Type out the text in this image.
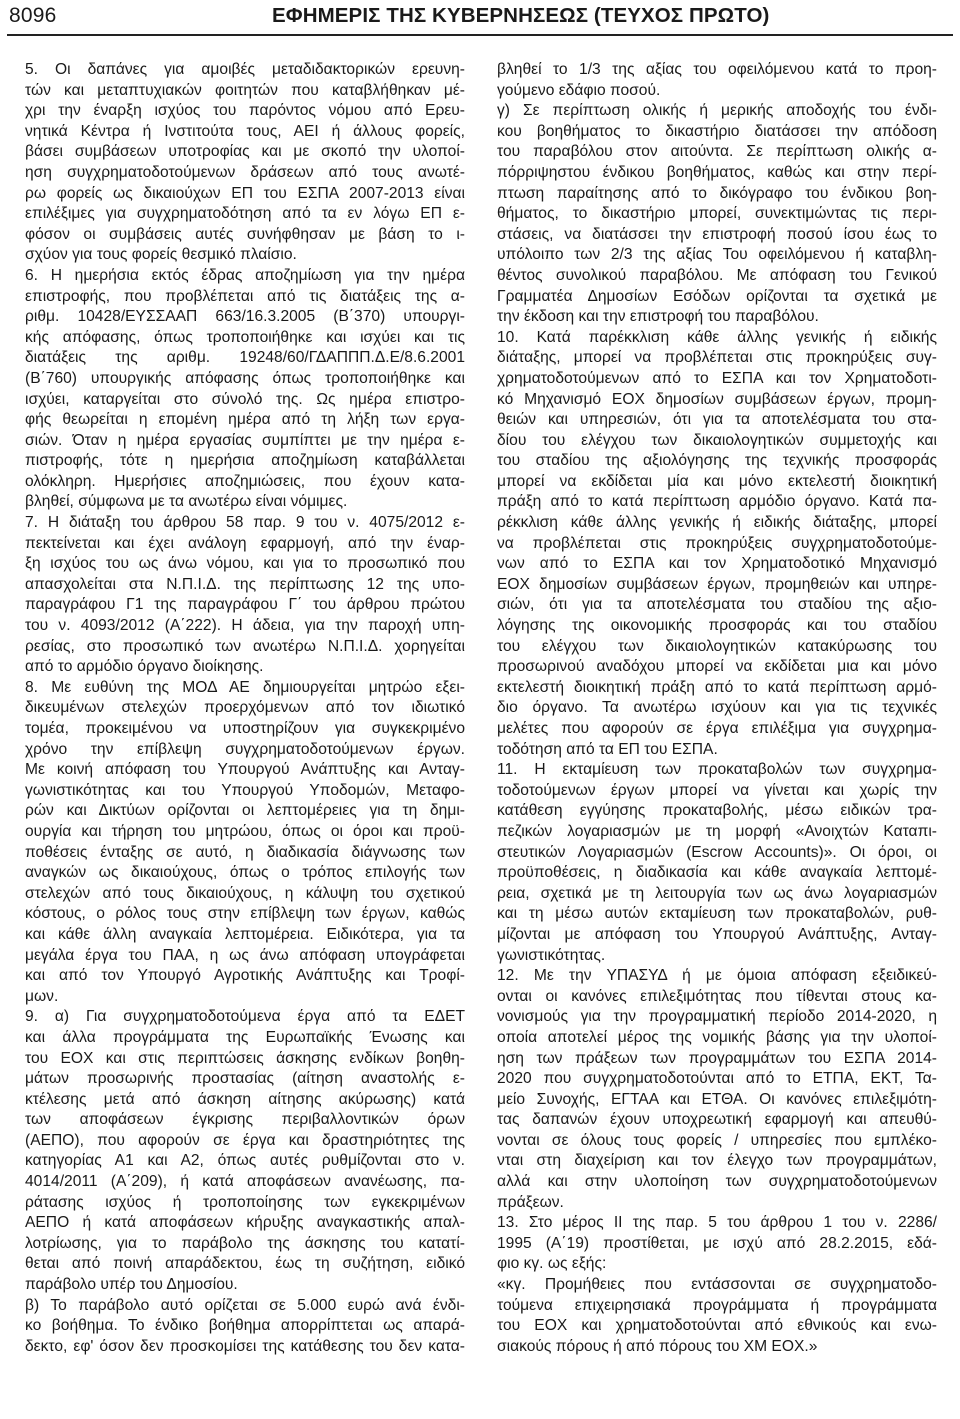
8096	ΕΦΗΜΕΡΙΣ ΤΗΣ ΚΥΒΕΡΝΗΣΕΩΣ (ΤΕΥΧΟΣ ΠΡΩΤΟ)
5. Οι δαπάνες για αμοιβές μεταδιδακτορικών ερευνη-
τών και μεταπτυχιακών φοιτητών που καταβλήθηκαν μέ-
χρι την έναρξη ισχύος του παρόντος νόμου από Ερευ-
νητικά Κέντρα ή Ινστιτούτα τους, ΑΕΙ ή άλλους φορείς,
βάσει συμβάσεων υποτροφίας και με σκοπό την υλοποί-
ηση συγχρηματοδοτούμενων δράσεων από τους ανωτέ-
ρω φορείς ως δικαιούχων ΕΠ του ΕΣΠΑ 2007-2013 είναι
επιλέξιμες για συγχρηματοδότηση από τα εν λόγω ΕΠ ε-
φόσον οι συμβάσεις αυτές συνήφθησαν με βάση το ι-
σχύον για τους φορείς θεσμικό πλαίσιο.
6. Η ημερήσια εκτός έδρας αποζημίωση για την ημέρα
επιστροφής, που προβλέπεται από τις διατάξεις της α-
ριθμ. 10428/ΕΥΣΣΑΑΠ 663/16.3.2005 (Β΄370) υπουργι-
κής απόφασης, όπως τροποποιήθηκε και ισχύει και τις
διατάξεις της αριθμ. 19248/60/ΓΔΑΠΠΠ.Δ.Ε/8.6.2001
(Β΄760) υπουργικής απόφασης όπως τροποποιήθηκε και
ισχύει, καταργείται στο σύνολό της. Ως ημέρα επιστρο-
φής θεωρείται η επομένη ημέρα από τη λήξη των εργα-
σιών. Όταν η ημέρα εργασίας συμπίπτει με την ημέρα ε-
πιστροφής, τότε η ημερήσια αποζημίωση καταβάλλεται
ολόκληρη. Ημερήσιες αποζημιώσεις, που έχουν κατα-
βληθεί, σύμφωνα με τα ανωτέρω είναι νόμιμες.
7. Η διάταξη του άρθρου 58 παρ. 9 του ν. 4075/2012 ε-
πεκτείνεται και έχει ανάλογη εφαρμογή, από την έναρ-
ξη ισχύος του ως άνω νόμου, και για το προσωπικό που
απασχολείται στα Ν.Π.Ι.Δ. της περίπτωσης 12 της υπο-
παραγράφου Γ1 της παραγράφου Γ΄ του άρθρου πρώτου
του ν. 4093/2012 (Α΄222). Η άδεια, για την παροχή υπη-
ρεσίας, στο προσωπικό των ανωτέρω Ν.Π.Ι.Δ. χορηγείται
από το αρμόδιο όργανο διοίκησης.
8. Με ευθύνη της ΜΟΔ ΑΕ δημιουργείται μητρώο εξει-
δικευμένων στελεχών προερχόμενων από τον ιδιωτικό
τομέα, προκειμένου να υποστηρίζουν για συγκεκριμένο
χρόνο την επίβλεψη συγχρηματοδοτούμενων έργων.
Με κοινή απόφαση του Υπουργού Ανάπτυξης και Ανταγ-
γωνιστικότητας και του Υπουργού Υποδομών, Μεταφο-
ρών και Δικτύων ορίζονται οι λεπτομέρειες για τη δημι-
ουργία και τήρηση του μητρώου, όπως οι όροι και προϋ-
ποθέσεις ένταξης σε αυτό, η διαδικασία διάγνωσης των
αναγκών ως δικαιούχους, όπως ο τρόπος επιλογής των
στελεχών από τους δικαιούχους, η κάλυψη του σχετικού
κόστους, ο ρόλος τους στην επίβλεψη των έργων, καθώς
και κάθε άλλη αναγκαία λεπτομέρεια. Ειδικότερα, για τα
μεγάλα έργα του ΠΑΑ, η ως άνω απόφαση υπογράφεται
και από τον Υπουργό Αγροτικής Ανάπτυξης και Τροφί-
μων.
9. α) Για συγχρηματοδοτούμενα έργα από τα ΕΔΕΤ
και άλλα προγράμματα της Ευρωπαϊκής Ένωσης και
του ΕΟΧ και στις περιπτώσεις άσκησης ενδίκων βοηθη-
μάτων προσωρινής προστασίας (αίτηση αναστολής ε-
κτέλεσης μετά από άσκηση αίτησης ακύρωσης) κατά
των αποφάσεων έγκρισης περιβαλλοντικών όρων
(ΑΕΠΟ), που αφορούν σε έργα και δραστηριότητες της
κατηγορίας Α1 και Α2, όπως αυτές ρυθμίζονται στο ν.
4014/2011 (Α΄209), ή κατά αποφάσεων ανανέωσης, πα-
ράτασης ισχύος ή τροποποίησης των εγκεκριμένων
ΑΕΠΟ ή κατά αποφάσεων κήρυξης αναγκαστικής απαλ-
λοτρίωσης, για το παράβολο της άσκησης του κατατί-
θεται από ποινή απαράδεκτου, έως τη συζήτηση, ειδικό
παράβολο υπέρ του Δημοσίου.
β) Το παράβολο αυτό ορίζεται σε 5.000 ευρώ ανά ένδι-
κο βοήθημα. Το ένδικο βοήθημα απορρίπτεται ως απαρά-
δεκτο, εφ' όσον δεν προσκομίσει της κατάθεσης του δεν κατα-
βληθεί το 1/3 της αξίας του οφειλόμενου κατά το προη-
γούμενο εδάφιο ποσού.
γ) Σε περίπτωση ολικής ή μερικής αποδοχής του ένδι-
κου βοηθήματος το δικαστήριο διατάσσει την απόδοση
του παραβόλου στον αιτούντα. Σε περίπτωση ολικής α-
πόρριψηστου ένδικου βοηθήματος, καθώς και στην περί-
πτωση παραίτησης από το δικόγραφο του ένδικου βοη-
θήματος, το δικαστήριο μπορεί, συνεκτιμώντας τις περι-
στάσεις, να διατάσσει την επιστροφή ποσού ίσου έως το
υπόλοιπο των 2/3 της αξίας Του οφειλόμενου ή καταβλη-
θέντος συνολικού παραβόλου. Με απόφαση του Γενικού
Γραμματέα Δημοσίων Εσόδων ορίζονται τα σχετικά με
την έκδοση και την επιστροφή του παραβόλου.
10. Κατά παρέκκλιση κάθε άλλης γενικής ή ειδικής
διάταξης, μπορεί να προβλέπεται στις προκηρύξεις συγ-
χρηματοδοτούμενων από το ΕΣΠΑ και τον Χρηματοδοτι-
κό Μηχανισμό ΕΟΧ δημοσίων συμβάσεων έργων, προμη-
θειών και υπηρεσιών, ότι για τα αποτελέσματα του στα-
δίου του ελέγχου των δικαιολογητικών συμμετοχής και
του σταδίου της αξιολόγησης της τεχνικής προσφοράς
μπορεί να εκδίδεται μία και μόνο εκτελεστή διοικητική
πράξη από το κατά περίπτωση αρμόδιο όργανο. Κατά πα-
ρέκκλιση κάθε άλλης γενικής ή ειδικής διάταξης, μπορεί
να προβλέπεται στις προκηρύξεις συγχρηματοδοτούμε-
νων από το ΕΣΠΑ και τον Χρηματοδοτικό Μηχανισμό
ΕΟΧ δημοσίων συμβάσεων έργων, προμηθειών και υπηρε-
σιών, ότι για τα αποτελέσματα του σταδίου της αξιο-
λόγησης της οικονομικής προσφοράς και του σταδίου
του ελέγχου των δικαιολογητικών κατακύρωσης του
προσωρινού αναδόχου μπορεί να εκδίδεται μια και μόνο
εκτελεστή διοικητική πράξη από το κατά περίπτωση αρμό-
διο όργανο. Τα ανωτέρω ισχύουν και για τις τεχνικές
μελέτες που αφορούν σε έργα επιλέξιμα για συγχρημα-
τοδότηση από τα ΕΠ του ΕΣΠΑ.
11. Η εκταμίευση των προκαταβολών των συγχρημα-
τοδοτούμενων έργων μπορεί να γίνεται και χωρίς την
κατάθεση εγγύησης προκαταβολής, μέσω ειδικών τρα-
πεζικών λογαριασμών με τη μορφή «Ανοιχτών Καταπι-
στευτικών Λογαριασμών (Escrow Accounts)». Οι όροι, οι
προϋποθέσεις, η διαδικασία και κάθε αναγκαία λεπτομέ-
ρεια, σχετικά με τη λειτουργία των ως άνω λογαριασμών
και τη μέσω αυτών εκταμίευση των προκαταβολών, ρυθ-
μίζονται με απόφαση του Υπουργού Ανάπτυξης, Ανταγ-
γωνιστικότητας.
12. Με την ΥΠΑΣΥΔ ή με όμοια απόφαση εξειδικεύ-
ονται οι κανόνες επιλεξιμότητας που τίθενται στους κα-
νονισμούς για την προγραμματική περίοδο 2014-2020, η
οποία αποτελεί μέρος της νομικής βάσης για την υλοποί-
ηση των πράξεων των προγραμμάτων του ΕΣΠΑ 2014-
2020 που συγχρηματοδοτούνται από το ΕΤΠΑ, ΕΚΤ, Τα-
μείο Συνοχής, ΕΓΤΑΑ και ΕΤΘΑ. Οι κανόνες επιλεξιμότη-
τας δαπανών έχουν υποχρεωτική εφαρμογή και απευθύ-
νονται σε όλους τους φορείς / υπηρεσίες που εμπλέκο-
νται στη διαχείριση και τον έλεγχο των προγραμμάτων,
αλλά και στην υλοποίηση των συγχρηματοδοτούμενων
πράξεων.
13. Στο μέρος ΙΙ της παρ. 5 του άρθρου 1 του ν. 2286/
1995 (Α΄19) προστίθεται, με ισχύ από 28.2.2015, εδά-
φιο κγ. ως εξής:
«κγ. Προμήθειες που εντάσσονται σε συγχρηματοδο-
τούμενα επιχειρησιακά προγράμματα ή προγράμματα
του ΕΟΧ και χρηματοδοτούνται από εθνικούς και ενω-
σιακούς πόρους ή από πόρους του ΧΜ ΕΟΧ.»
